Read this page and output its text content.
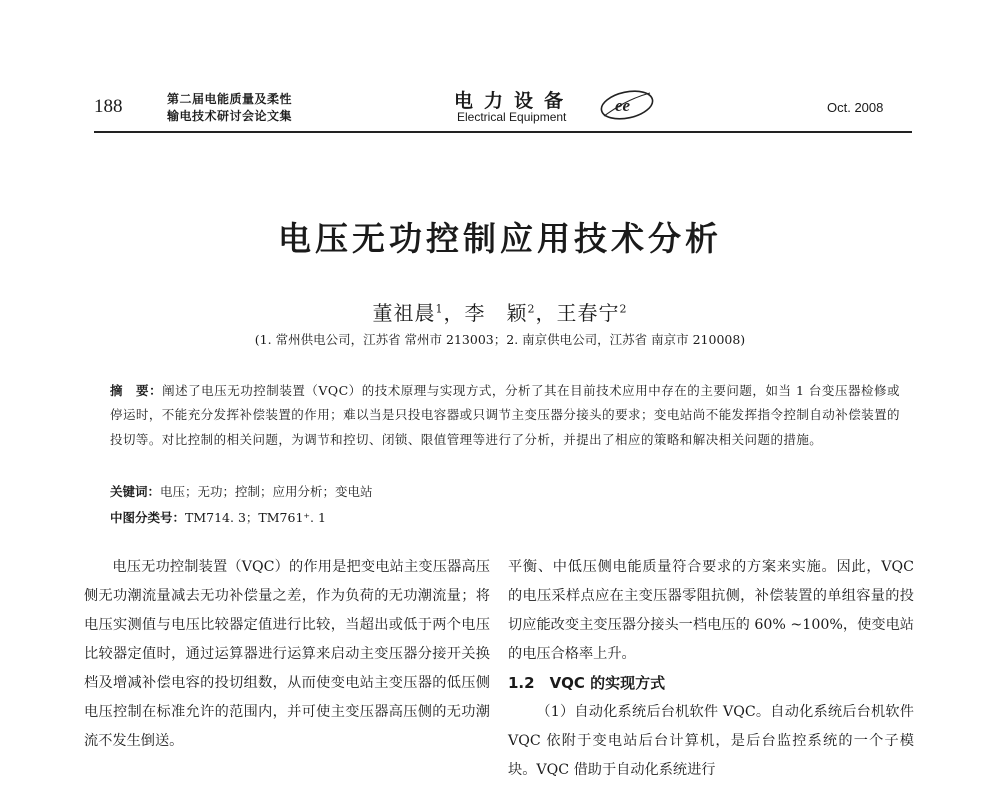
188	第二届电能质量及柔性
输电技术研讨会论文集
电力设备
Electrical Equipment
ee	Oct. 2008
电压无功控制应用技术分析
董祖晨$^1$，李　颖$^2$，王春宁$^2$
(1. 常州供电公司，江苏省 常州市 213003；2. 南京供电公司，江苏省 南京市 210008)
摘　要：阐述了电压无功控制装置（VQC）的技术原理与实现方式，分析了其在目前技术应用中存在的主要问题，如当 1 台变压器检修或停运时，不能充分发挥补偿装置的作用；难以当是只投电容器或只调节主变压器分接头的要求；变电站尚不能发挥指令控制自动补偿装置的投切等。对比控制的相关问题，为调节和控切、闭锁、限值管理等进行了分析，并提出了相应的策略和解决相关问题的措施。
关键词：电压；无功；控制；应用分析；变电站
中图分类号：TM714. 3；TM761⁺. 1

电压无功控制装置（VQC）的作用是把变电站主变压器高压侧无功潮流量减去无功补偿量之差，作为负荷的无功潮流量；将电压实测值与电压比较器定值进行比较，当超出或低于两个电压比较器定值时，通过运算器进行运算来启动主变压器分接开关换档及增减补偿电容的投切组数，从而使变电站主变压器的低压侧电压控制在标准允许的范围内，并可使主变压器高压侧的无功潮流不发生倒送。

平衡、中低压侧电能质量符合要求的方案来实施。因此，VQC 的电压采样点应在主变压器零阻抗侧，补偿装置的单组容量的投切应能改变主变压器分接头一档电压的 60% ~100%，使变电站的电压合格率上升。

1.2　VQC 的实现方式

（1）自动化系统后台机软件 VQC。自动化系统后台机软件 VQC 依附于变电站后台计算机，是后台监控系统的一个子模块。VQC 借助于自动化系统进行
